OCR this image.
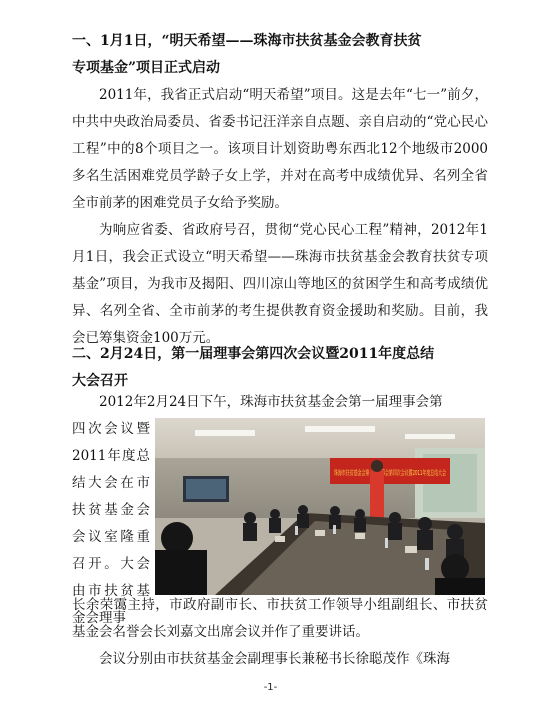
一、1月1日，“明天希望——珠海市扶贫基金会教育扶贫
专项基金”项目正式启动

2011年，我省正式启动“明天希望”项目。这是去年“七一”前夕，中共中央政治局委员、省委书记汪洋亲自点题、亲自启动的“党心民心工程”中的8个项目之一。该项目计划资助粤东西北12个地级市2000多名生活困难党员学龄子女上学，并对在高考中成绩优异、名列全省全市前茅的困难党员子女给予奖励。

为响应省委、省政府号召，贯彻“党心民心工程”精神，2012年1月1日，我会正式设立“明天希望——珠海市扶贫基金会教育扶贫专项基金”项目，为我市及揭阳、四川凉山等地区的贫困学生和高考成绩优异、名列全省、全市前茅的考生提供教育资金援助和奖励。目前，我会已筹集资金100万元。

二、2月24日，第一届理事会第四次会议暨2011年度总结
大会召开

2012年2月24日下午，珠海市扶贫基金会第一届理事会第

四次会议暨2011年度总结大会在市扶贫基金会会议室隆重召开。大会由市扶贫基金会理事

珠海市扶贫基金会第一届理事会第四次会议暨2011年度总结大会

长余荣霭主持，市政府副市长、市扶贫工作领导小组副组长、市扶贫基金会名誉会长刘嘉文出席会议并作了重要讲话。

会议分别由市扶贫基金会副理事长兼秘书长徐聪茂作《珠海

-1-
